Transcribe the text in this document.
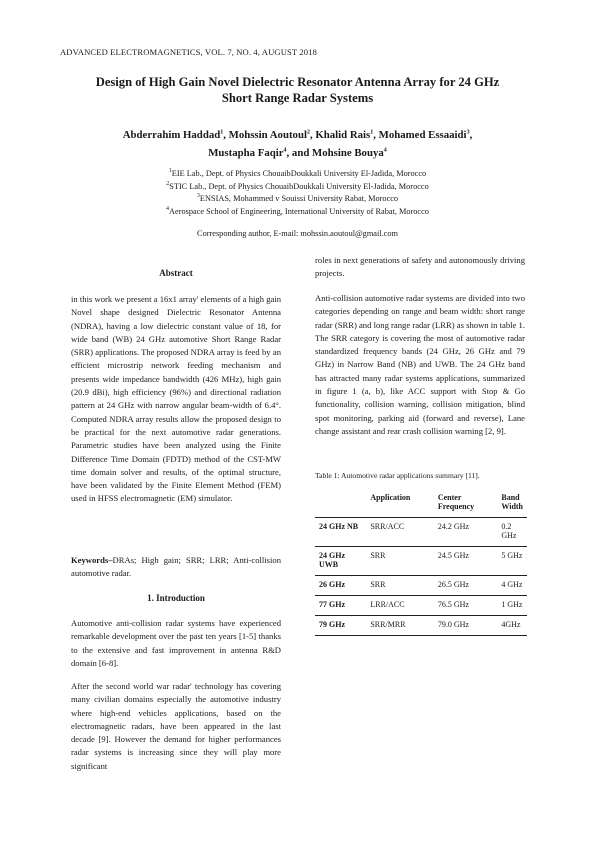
ADVANCED ELECTROMAGNETICS, VOL. 7, NO. 4, AUGUST 2018
Design of High Gain Novel Dielectric Resonator Antenna Array for 24 GHz
Short Range Radar Systems
Abderrahim Haddad$^1$, Mohssin Aoutoul$^2$, Khalid Rais$^1$, Mohamed Essaaidi$^3$,
Mustapha Faqir$^4$, and Mohsine Bouya$^4$
$^1$EIE Lab., Dept. of Physics ChouaibDoukkali University El-Jadida, Morocco
$^2$STIC Lab., Dept. of Physics ChouaibDoukkali University El-Jadida, Morocco
$^3$ENSIAS, Mohammed v Souissi University Rabat, Morocco
$^4$Aerospace School of Engineering, International University of Rabat, Morocco
Corresponding author, E-mail: mohssin.aoutoul@gmail.com
Abstract

in this work we present a 16x1 array' elements of a high gain Novel shape designed Dielectric Resonator Antenna (NDRA), having a low dielectric constant value of 18, for wide band (WB) 24 GHz automotive Short Range Radar (SRR) applications. The proposed NDRA array is feed by an efficient microstrip network feeding mechanism and presents wide impedance bandwidth (426 MHz), high gain (20.9 dBi), high efficiency (96%) and directional radiation pattern at 24 GHz with narrow angular beam-width of 6.4°. Computed NDRA array results allow the proposed design to be practical for the next automotive radar generations. Parametric studies have been analyzed using the Finite Difference Time Domain (FDTD) method of the CST-MW time domain solver and results, of the optimal structure, have been validated by the Finite Element Method (FEM) used in HFSS electromagnetic (EM) simulator.

Keywords–DRAs; High gain; SRR; LRR; Anti-collision automotive radar.

1. Introduction

Automotive anti-collision radar systems have experienced remarkable development over the past ten years [1-5] thanks to the extensive and fast improvement in antenna R&D domain [6-8].

After the second world war radar' technology has covering many civilian domains especially the automotive industry where high-end vehicles applications, based on the electromagnetic radars, have been appeared in the last decade [9]. However the demand for higher performances radar systems is increasing since they will play more significant

roles in next generations of safety and autonomously driving projects.

Anti-collision automotive radar systems are divided into two categories depending on range and beam width: short range radar (SRR) and long range radar (LRR) as shown in table 1. The SRR category is covering the most of automotive radar standardized frequency bands (24 GHz, 26 GHz and 79 GHz) in Narrow Band (NB) and UWB. The 24 GHz band has attracted many radar systems applications, summarized in figure 1 (a, b), like ACC support with Stop & Go functionality, collision warning, collision mitigation, blind spot monitoring, parking aid (forward and reverse), Lane change assistant and rear crash collision warning [2, 9].

Table 1: Automotive radar applications summary [11].
	Application	Center Frequency	Band Width
24 GHz NB	SRR/ACC	24.2 GHz	0.2 GHz
24 GHz UWB	SRR	24.5 GHz	5 GHz
26 GHz	SRR	26.5 GHz	4 GHz
77 GHz	LRR/ACC	76.5 GHz	1 GHz
79 GHz	SRR/MRR	79.0 GHz	4GHz
